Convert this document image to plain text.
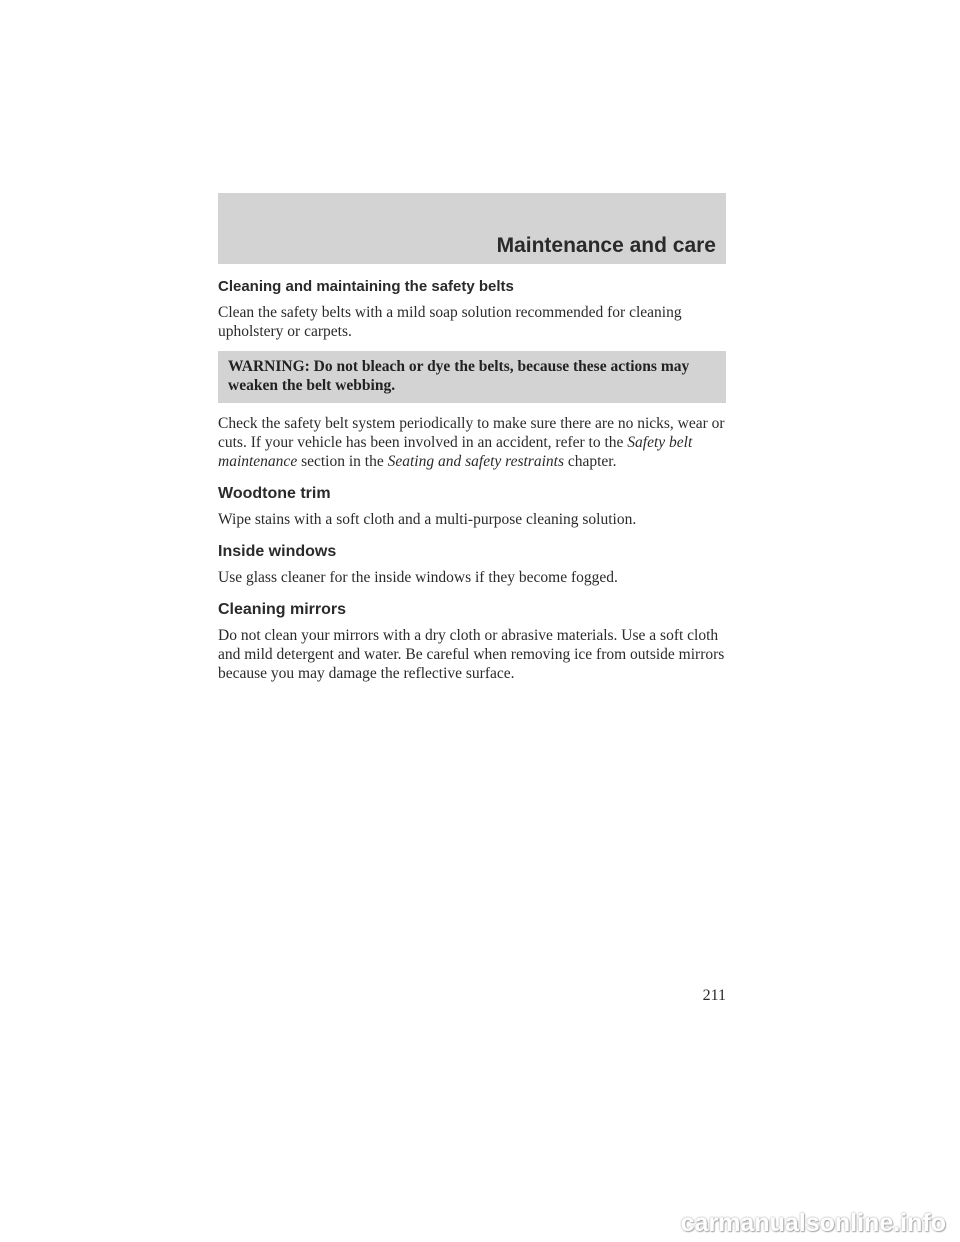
Maintenance and care
Cleaning and maintaining the safety belts

Clean the safety belts with a mild soap solution recommended for cleaning upholstery or carpets.

WARNING: Do not bleach or dye the belts, because these actions may weaken the belt webbing.

Check the safety belt system periodically to make sure there are no nicks, wear or cuts. If your vehicle has been involved in an accident, refer to the Safety belt maintenance section in the Seating and safety restraints chapter.

Woodtone trim

Wipe stains with a soft cloth and a multi-purpose cleaning solution.

Inside windows

Use glass cleaner for the inside windows if they become fogged.

Cleaning mirrors

Do not clean your mirrors with a dry cloth or abrasive materials. Use a soft cloth and mild detergent and water. Be careful when removing ice from outside mirrors because you may damage the reflective surface.

211
carmanualsonline.info
